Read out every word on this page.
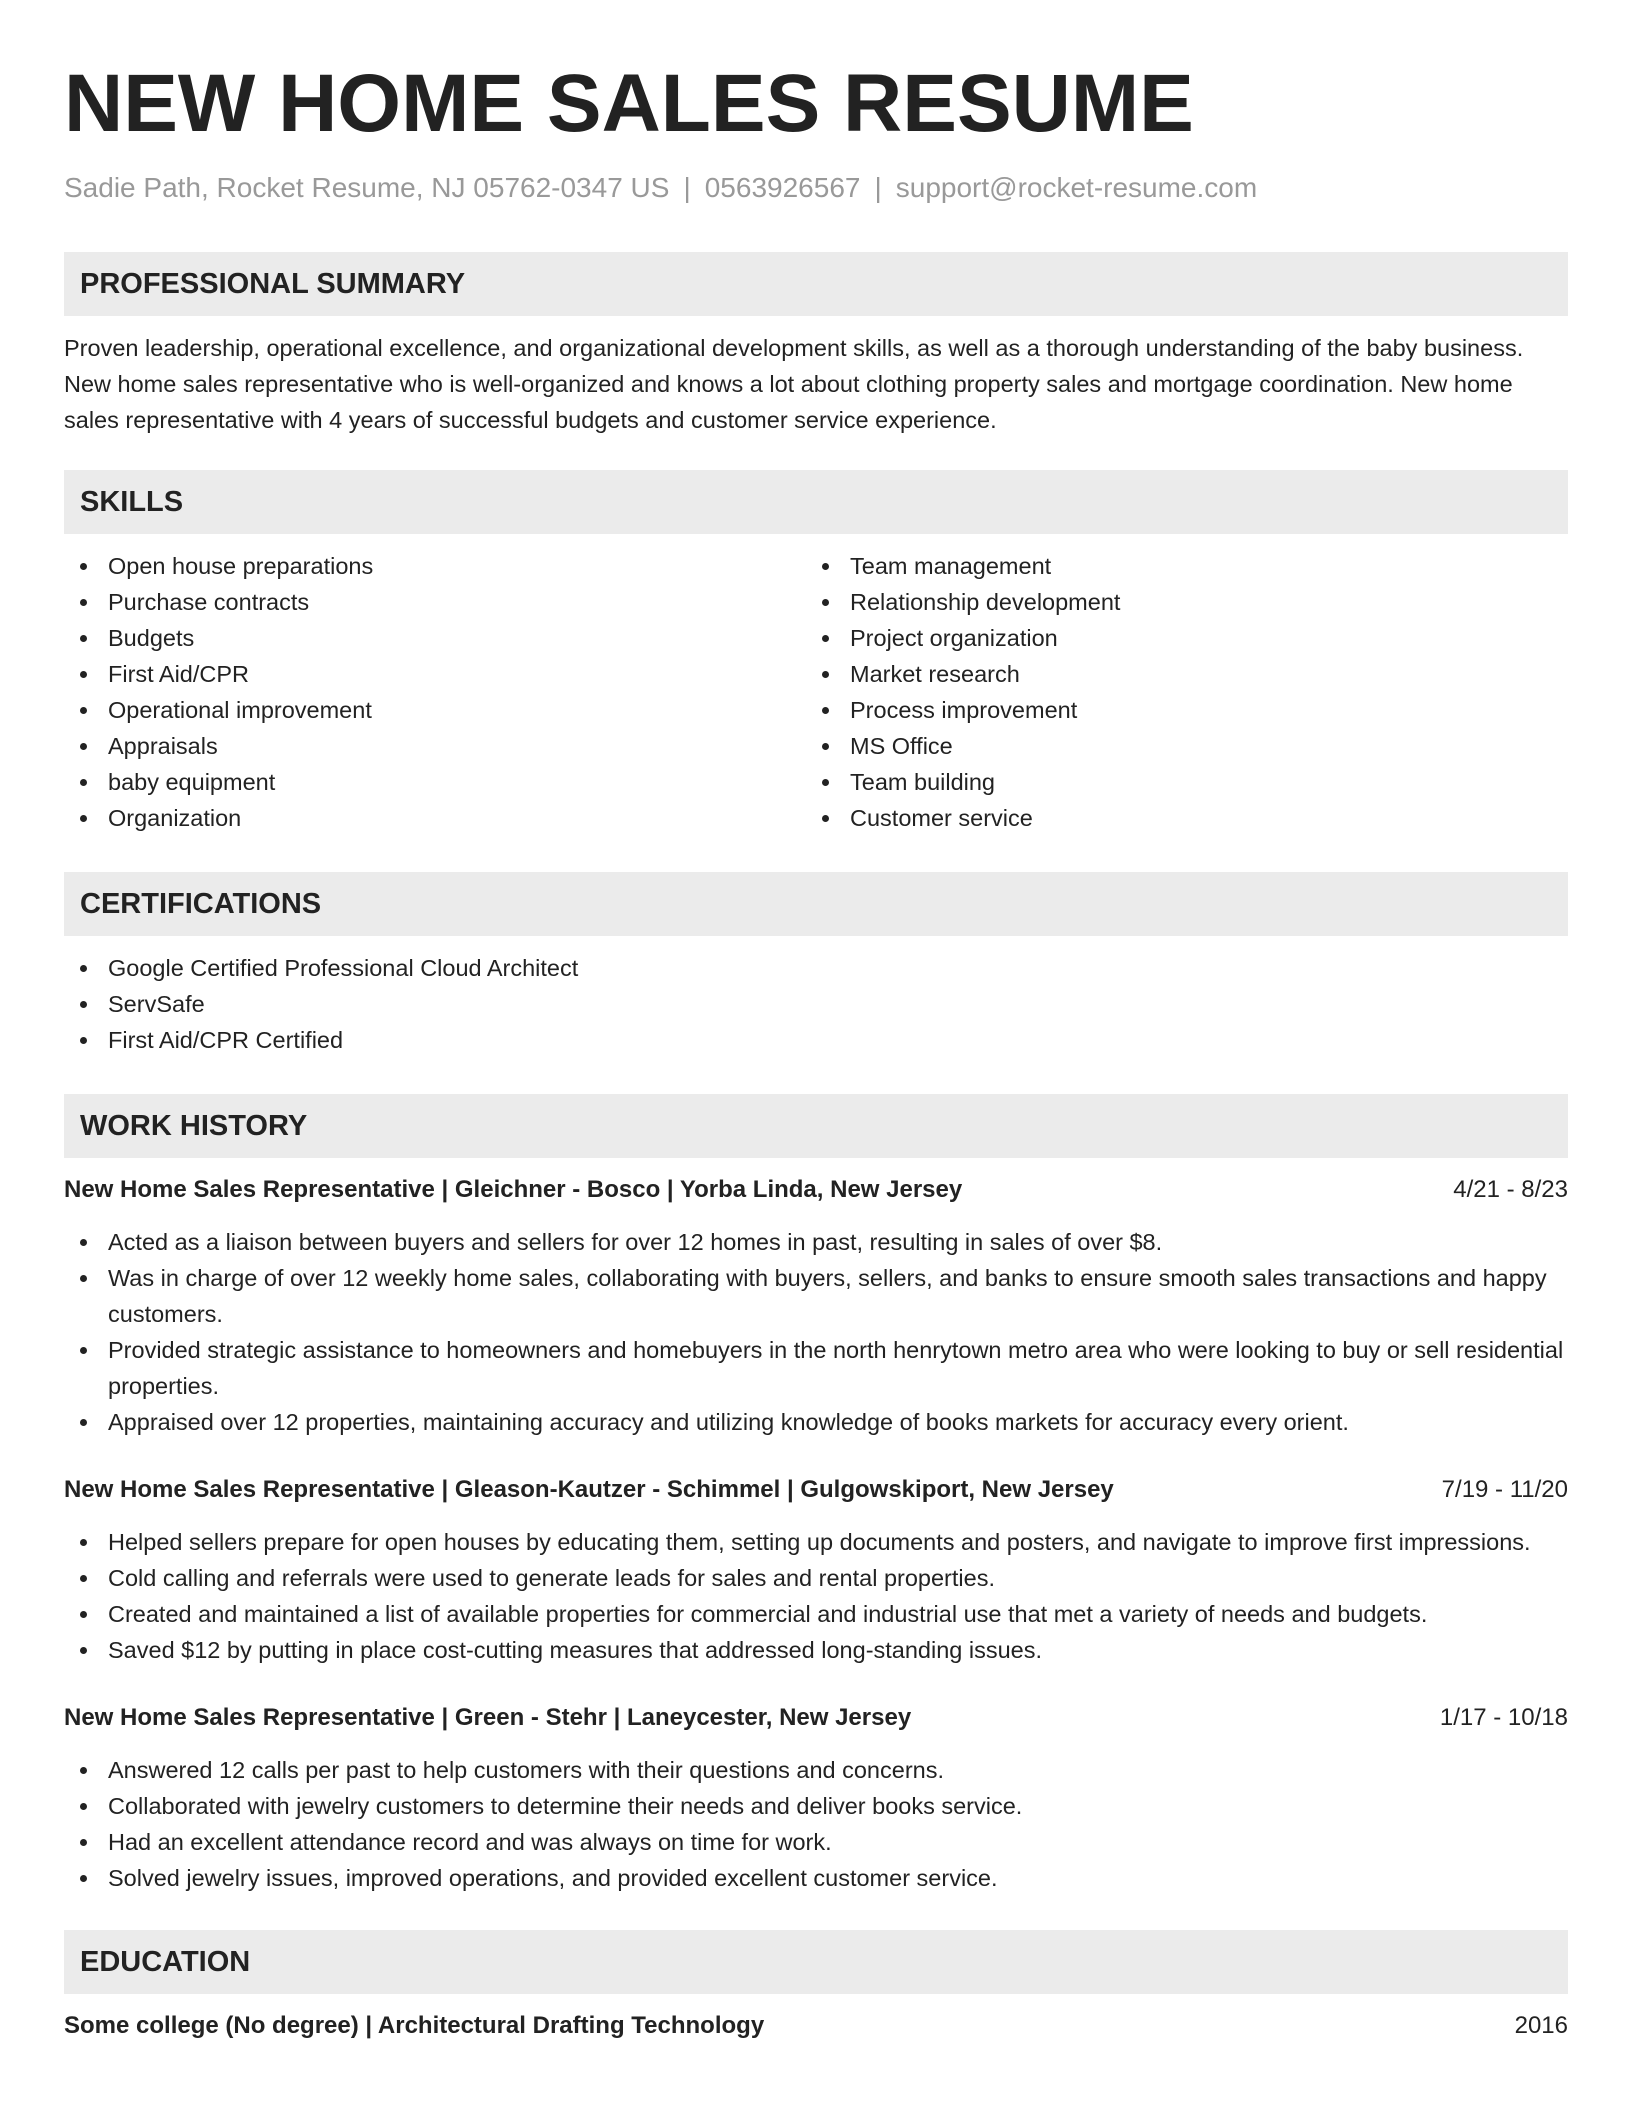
NEW HOME SALES RESUME
Sadie Path, Rocket Resume, NJ 05762-0347 US | 0563926567 | support@rocket-resume.com
PROFESSIONAL SUMMARY

Proven leadership, operational excellence, and organizational development skills, as well as a thorough understanding of the baby business. New home sales representative who is well-organized and knows a lot about clothing property sales and mortgage coordination. New home sales representative with 4 years of successful budgets and customer service experience.

SKILLS
Open house preparations
Purchase contracts
Budgets
First Aid/CPR
Operational improvement
Appraisals
baby equipment
Organization
Team management
Relationship development
Project organization
Market research
Process improvement
MS Office
Team building
Customer service
CERTIFICATIONS
Google Certified Professional Cloud Architect
ServSafe
First Aid/CPR Certified
WORK HISTORY
New Home Sales Representative | Gleichner - Bosco | Yorba Linda, New Jersey	4/21 - 8/23
Acted as a liaison between buyers and sellers for over 12 homes in past, resulting in sales of over $8.
Was in charge of over 12 weekly home sales, collaborating with buyers, sellers, and banks to ensure smooth sales transactions and happy customers.
Provided strategic assistance to homeowners and homebuyers in the north henrytown metro area who were looking to buy or sell residential properties.
Appraised over 12 properties, maintaining accuracy and utilizing knowledge of books markets for accuracy every orient.
New Home Sales Representative | Gleason-Kautzer - Schimmel | Gulgowskiport, New Jersey	7/19 - 11/20
Helped sellers prepare for open houses by educating them, setting up documents and posters, and navigate to improve first impressions.
Cold calling and referrals were used to generate leads for sales and rental properties.
Created and maintained a list of available properties for commercial and industrial use that met a variety of needs and budgets.
Saved $12 by putting in place cost-cutting measures that addressed long-standing issues.
New Home Sales Representative | Green - Stehr | Laneycester, New Jersey	1/17 - 10/18
Answered 12 calls per past to help customers with their questions and concerns.
Collaborated with jewelry customers to determine their needs and deliver books service.
Had an excellent attendance record and was always on time for work.
Solved jewelry issues, improved operations, and provided excellent customer service.
EDUCATION
Some college (No degree) | Architectural Drafting Technology	2016
